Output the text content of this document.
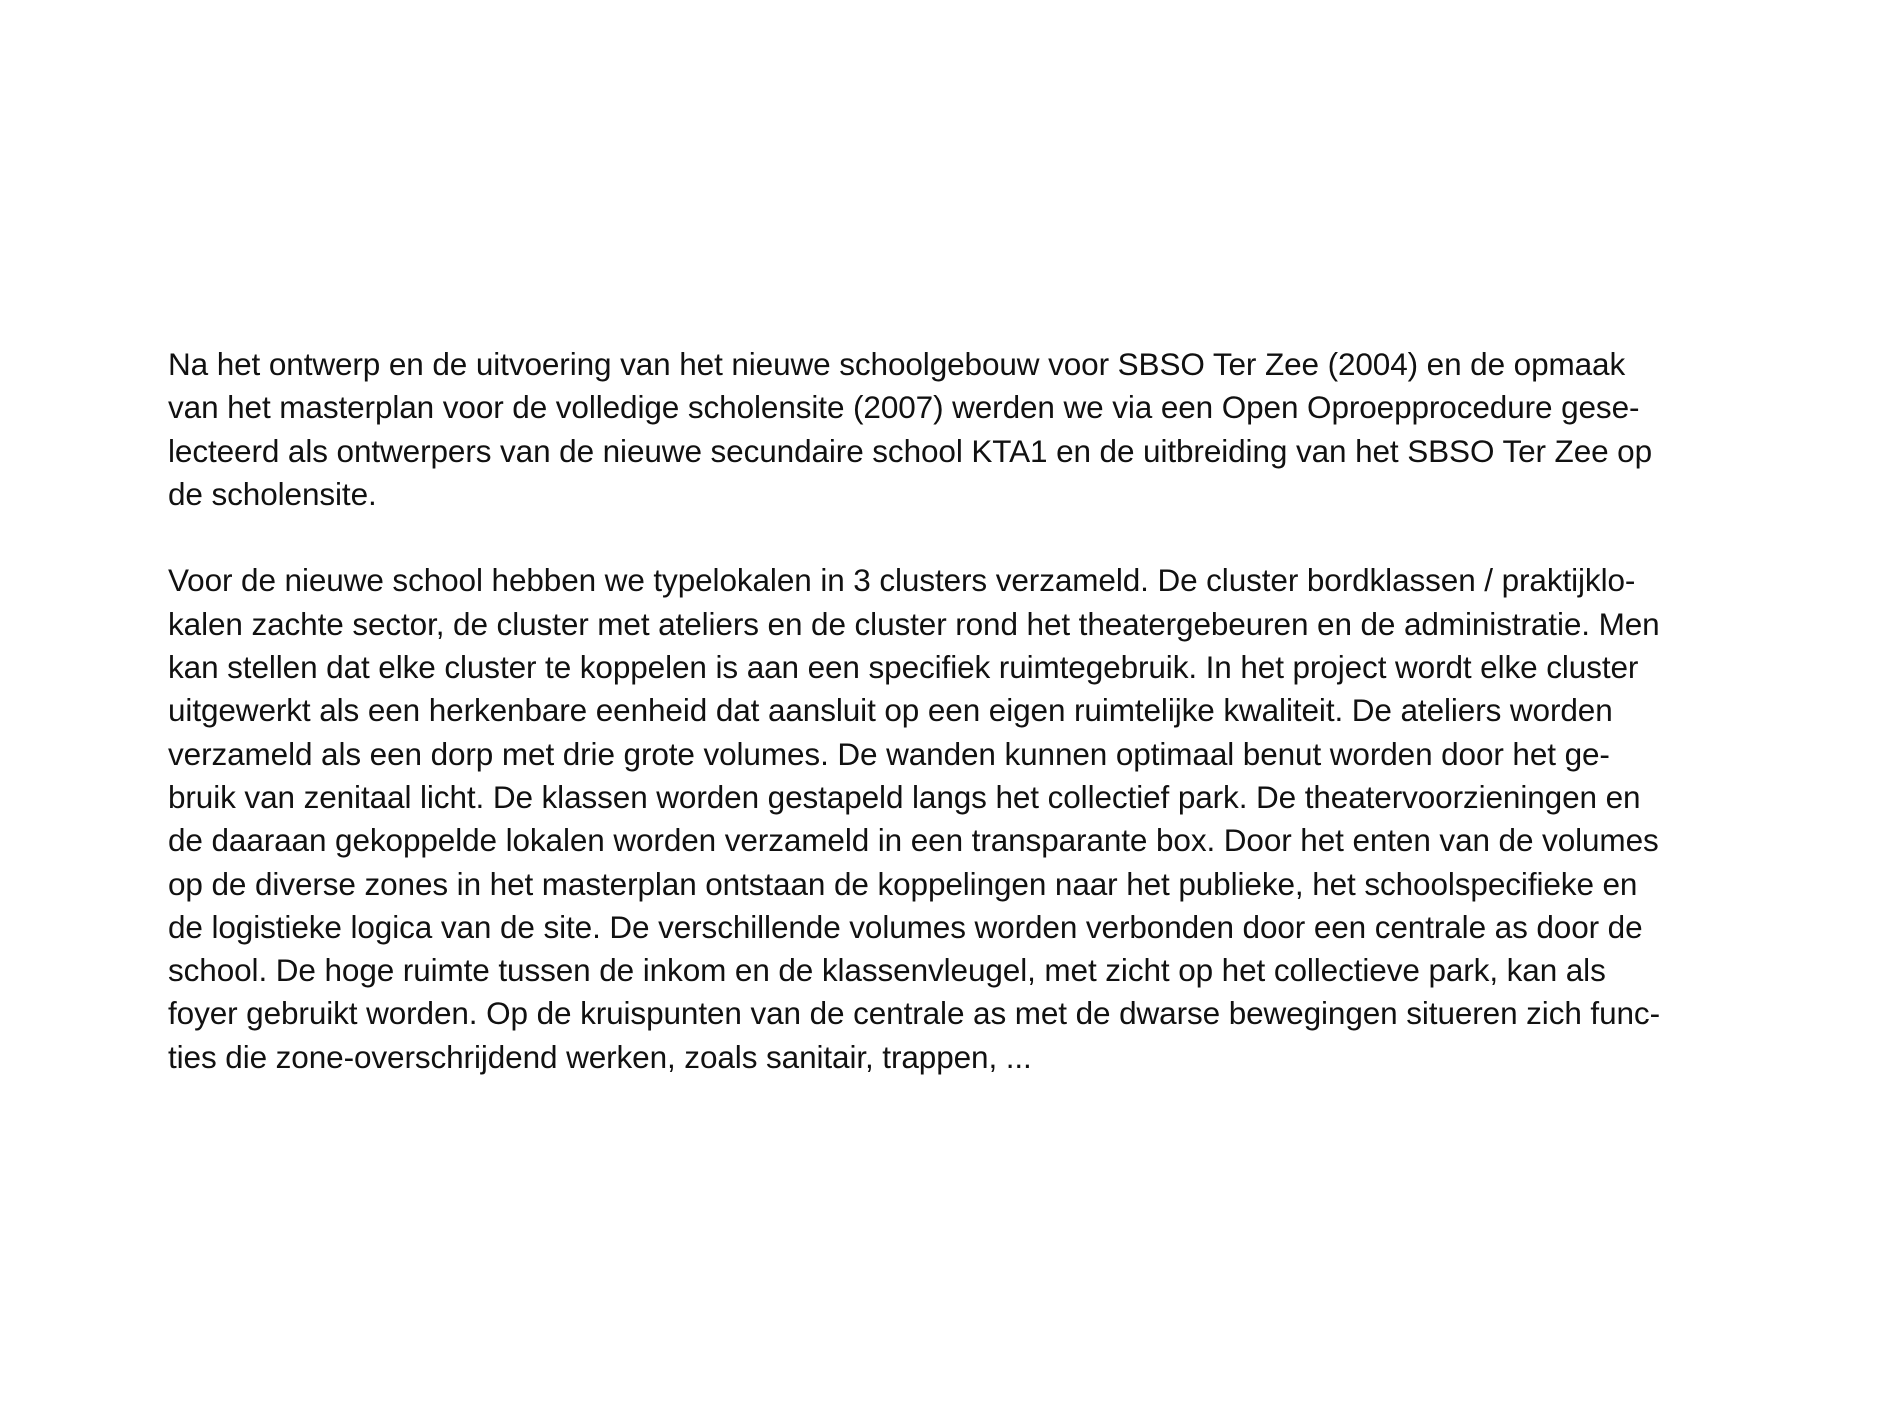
Na het ontwerp en de uitvoering van het nieuwe schoolgebouw voor SBSO Ter Zee (2004) en de opmaak
van het masterplan voor de volledige scholensite (2007) werden we via een Open Oproepprocedure gese-
lecteerd als ontwerpers van de nieuwe secundaire school KTA1 en de uitbreiding van het SBSO Ter Zee op
de scholensite.

Voor de nieuwe school hebben we typelokalen in 3 clusters verzameld. De cluster bordklassen / praktijklo-
kalen zachte sector, de cluster met ateliers en de cluster rond het theatergebeuren en de administratie. Men
kan stellen dat elke cluster te koppelen is aan een specifiek ruimtegebruik. In het project wordt elke cluster
uitgewerkt als een herkenbare eenheid dat aansluit op een eigen ruimtelijke kwaliteit. De ateliers worden
verzameld als een dorp met drie grote volumes. De wanden kunnen optimaal benut worden door het ge-
bruik van zenitaal licht. De klassen worden gestapeld langs het collectief park. De theatervoorzieningen en
de daaraan gekoppelde lokalen worden verzameld in een transparante box. Door het enten van de volumes
op de diverse zones in het masterplan ontstaan de koppelingen naar het publieke, het schoolspecifieke en
de logistieke logica van de site. De verschillende volumes worden verbonden door een centrale as door de
school. De hoge ruimte tussen de inkom en de klassenvleugel, met zicht op het collectieve park, kan als
foyer gebruikt worden. Op de kruispunten van de centrale as met de dwarse bewegingen situeren zich func-
ties die zone-overschrijdend werken, zoals sanitair, trappen, ...
